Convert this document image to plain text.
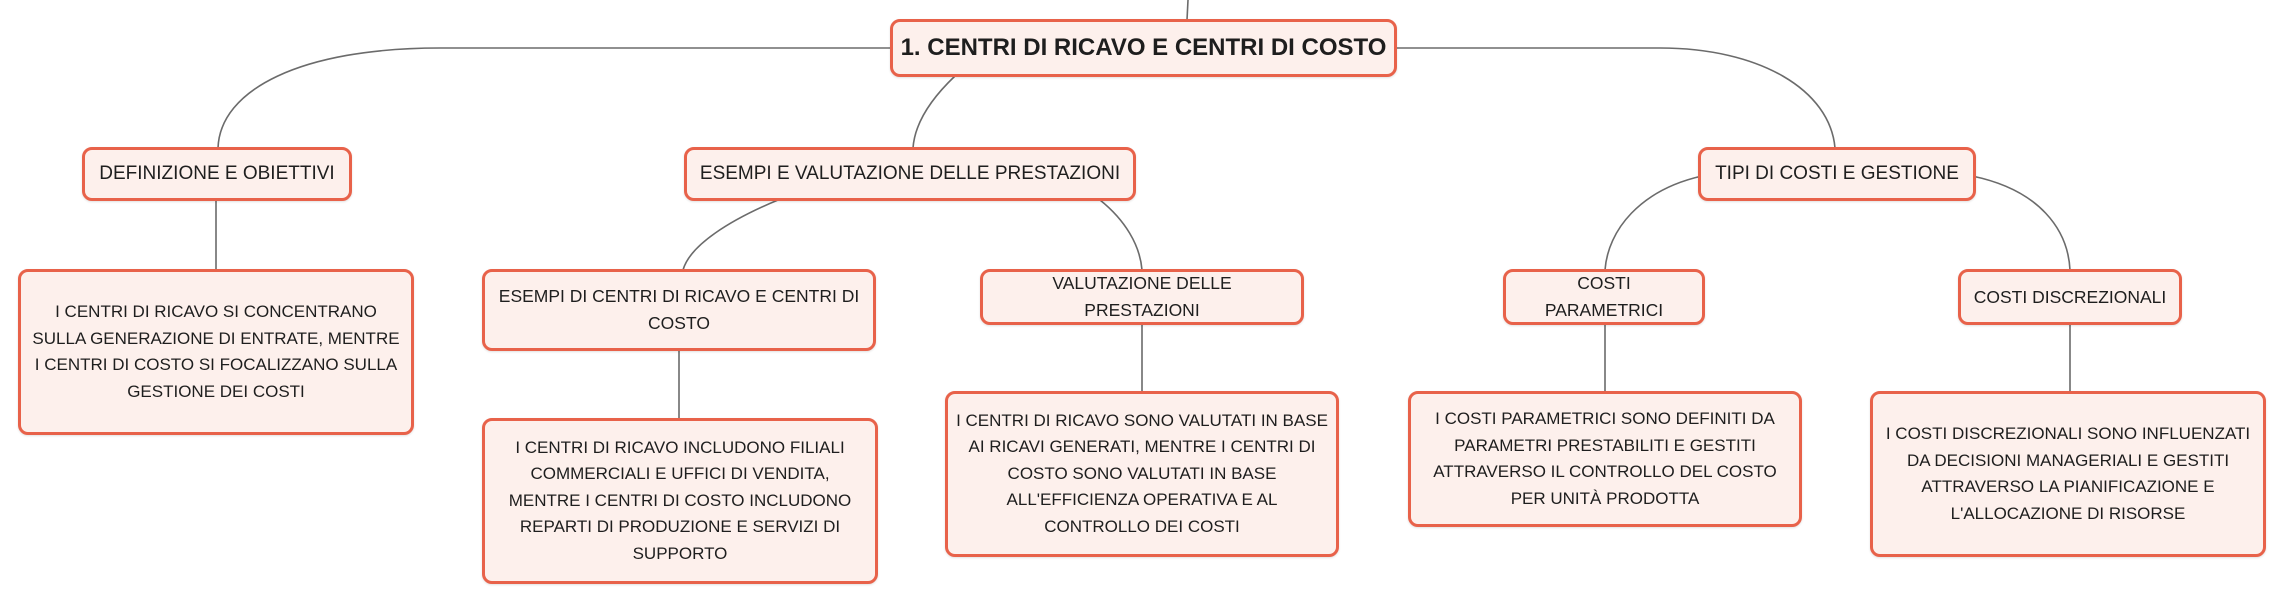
1. CENTRI DI RICAVO E CENTRI DI COSTO
DEFINIZIONE E OBIETTIVI	ESEMPI E VALUTAZIONE DELLE PRESTAZIONI	TIPI DI COSTI E GESTIONE
I CENTRI DI RICAVO SI CONCENTRANO SULLA GENERAZIONE DI ENTRATE, MENTRE I CENTRI DI COSTO SI FOCALIZZANO SULLA GESTIONE DEI COSTI
ESEMPI DI CENTRI DI RICAVO E CENTRI DI COSTO
VALUTAZIONE DELLE PRESTAZIONI
COSTI PARAMETRICI
COSTI DISCREZIONALI
I CENTRI DI RICAVO INCLUDONO FILIALI COMMERCIALI E UFFICI DI VENDITA, MENTRE I CENTRI DI COSTO INCLUDONO REPARTI DI PRODUZIONE E SERVIZI DI SUPPORTO
I CENTRI DI RICAVO SONO VALUTATI IN BASE AI RICAVI GENERATI, MENTRE I CENTRI DI COSTO SONO VALUTATI IN BASE ALL'EFFICIENZA OPERATIVA E AL CONTROLLO DEI COSTI
I COSTI PARAMETRICI SONO DEFINITI DA PARAMETRI PRESTABILITI E GESTITI ATTRAVERSO IL CONTROLLO DEL COSTO PER UNITÀ PRODOTTA
I COSTI DISCREZIONALI SONO INFLUENZATI DA DECISIONI MANAGERIALI E GESTITI ATTRAVERSO LA PIANIFICAZIONE E L'ALLOCAZIONE DI RISORSE
